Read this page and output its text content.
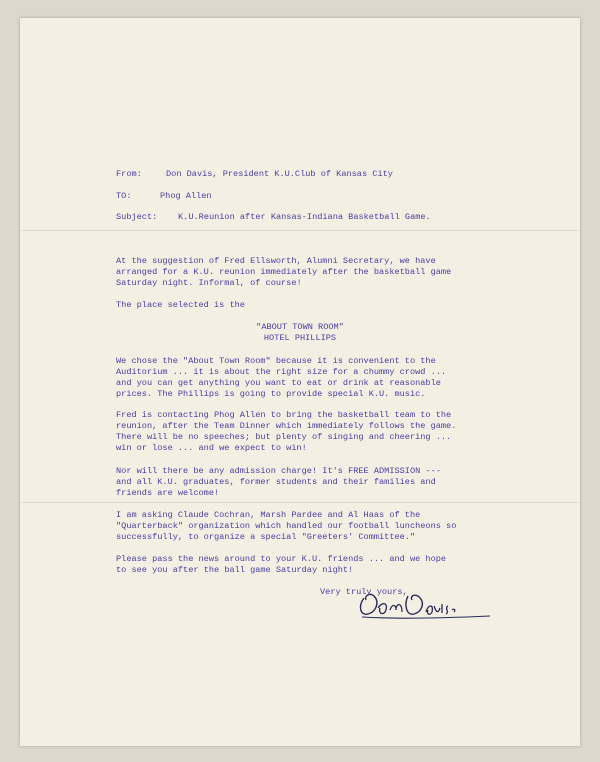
From:	Don Davis, President K.U.Club of Kansas City
TO:	Phog Allen
Subject: K.U.Reunion after Kansas-Indiana Basketball Game.
At the suggestion of Fred Ellsworth, Alumni Secretary, we have
arranged for a K.U. reunion immediately after the basketball game
Saturday night. Informal, of course!
The place selected is the
"ABOUT TOWN ROOM"
HOTEL PHILLIPS
We chose the "About Town Room" because it is convenient to the
Auditorium ... it is about the right size for a chummy crowd ...
and you can get anything you want to eat or drink at reasonable
prices. The Phillips is going to provide special K.U. music.
Fred is contacting Phog Allen to bring the basketball team to the
reunion, after the Team Dinner which immediately follows the game.
There will be no speeches; but plenty of singing and cheering ...
win or lose ... and we expect to win!
Nor will there be any admission charge! It's FREE ADMISSION ---
and all K.U. graduates, former students and their families and
friends are welcome!
I am asking Claude Cochran, Marsh Pardee and Al Haas of the
"Quarterback" organization which handled our football luncheons so
successfully, to organize a special "Greeters' Committee."
Please pass the news around to your K.U. friends ... and we hope
to see you after the ball game Saturday night!
Very truly yours,
